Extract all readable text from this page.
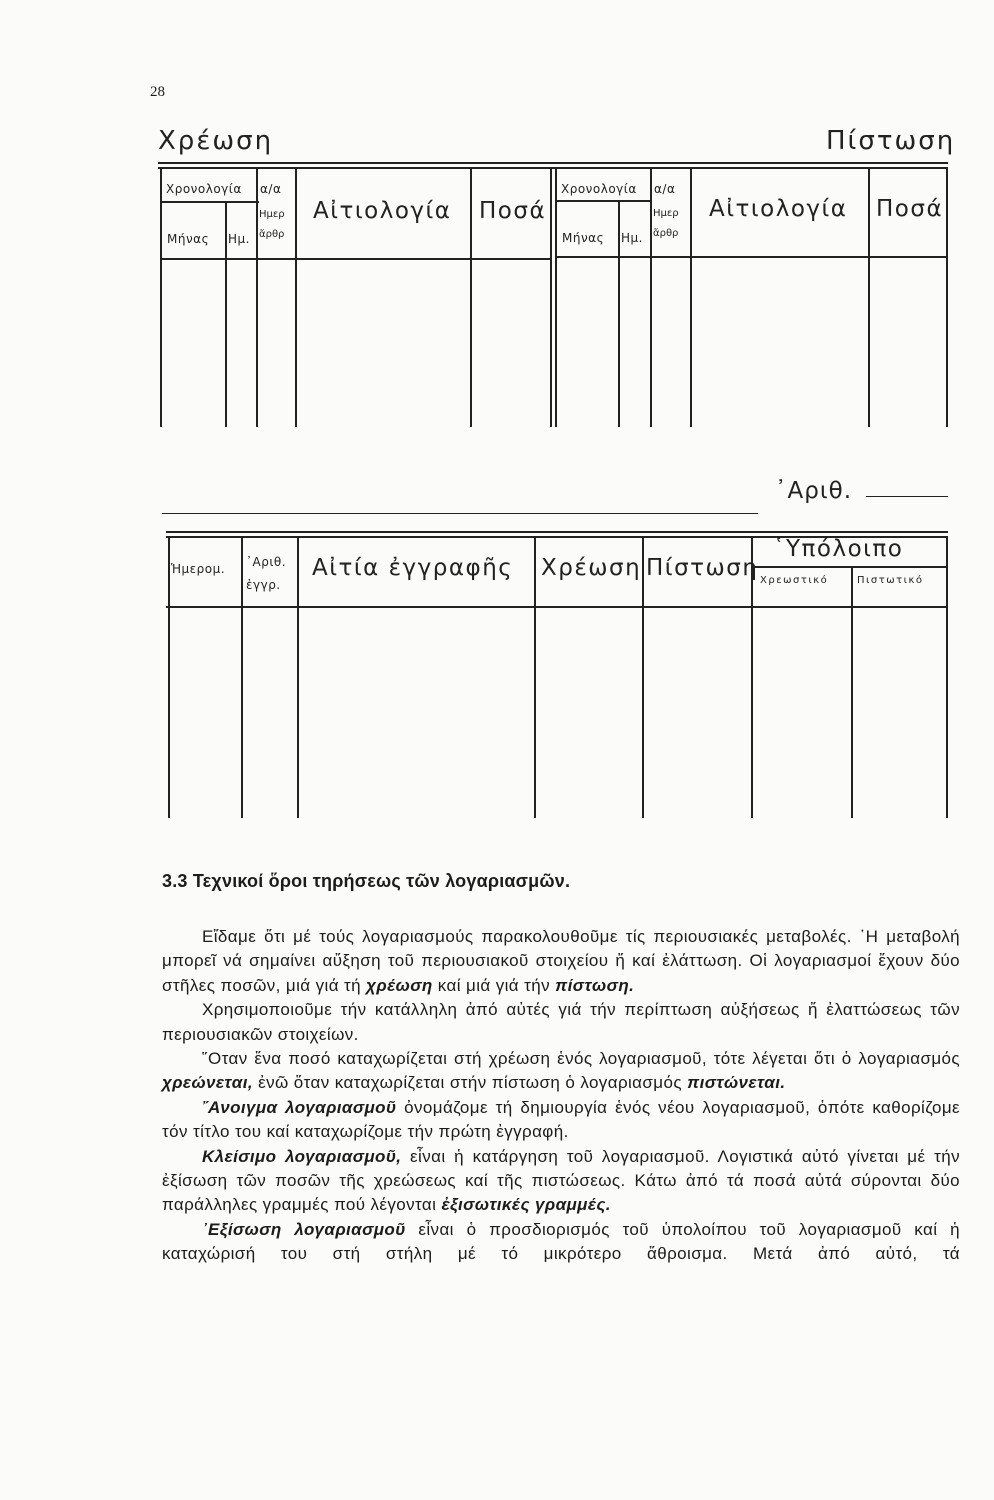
28
Χρέωση	Πίστωση
Χρονολογία α/α
Ημερ
ἄρθρ
Μήνας Ημ.
Αἰτιολογία Ποσά
Χρονολογία α/α
Ημερ
ἄρθρ
Μήνας Ημ.
Αἰτιολογία Ποσά
᾿Αριθ.
Ἡμερομ. ᾿Αριθ.
ἐγγρ.
Αἰτία ἐγγραφῆς Χρέωση Πίστωση
῾Υπόλοιπο
Χρεωστικό	Πιστωτικό
3.3 Τεχνικοί ὅροι τηρήσεως τῶν λογαριασμῶν.

Εἴδαμε ὅτι μέ τούς λογαριασμούς παρακολουθοῦμε τίς περιουσιακές μεταβολές. ῾Η μεταβολή μπορεῖ νά σημαίνει αὔξηση τοῦ περιουσιακοῦ στοιχείου ἤ καί ἐλάττωση. Οἱ λογαριασμοί ἔχουν δύο στῆλες ποσῶν, μιά γιά τή χρέωση καί μιά γιά τήν πίστωση.

Χρησιμοποιοῦμε τήν κατάλληλη ἀπό αὐτές γιά τήν περίπτωση αὐξήσεως ἤ ἐλαττώσεως τῶν περιουσιακῶν στοιχείων.

῞Οταν ἕνα ποσό καταχωρίζεται στή χρέωση ἑνός λογαριασμοῦ, τότε λέγεται ὅτι ὁ λογαριασμός χρεώνεται, ἐνῶ ὅταν καταχωρίζεται στήν πίστωση ὁ λογαριασμός πιστώνεται.

῎Ανοιγμα λογαριασμοῦ ὀνομάζομε τή δημιουργία ἑνός νέου λογαριασμοῦ, ὁπότε καθορίζομε τόν τίτλο του καί καταχωρίζομε τήν πρώτη ἐγγραφή.

Κλείσιμο λογαριασμοῦ, εἶναι ἡ κατάργηση τοῦ λογαριασμοῦ. Λογιστικά αὐτό γίνεται μέ τήν ἐξίσωση τῶν ποσῶν τῆς χρεώσεως καί τῆς πιστώσεως. Κάτω ἀπό τά ποσά αὐτά σύρονται δύο παράλληλες γραμμές πού λέγονται ἐξισωτικές γραμμές.

᾿Εξίσωση λογαριασμοῦ εἶναι ὁ προσδιορισμός τοῦ ὑπολοίπου τοῦ λογαριασμοῦ καί ἡ καταχώρισή του στή στήλη μέ τό μικρότερο ἄθροισμα. Μετά ἀπό αὐτό, τά
